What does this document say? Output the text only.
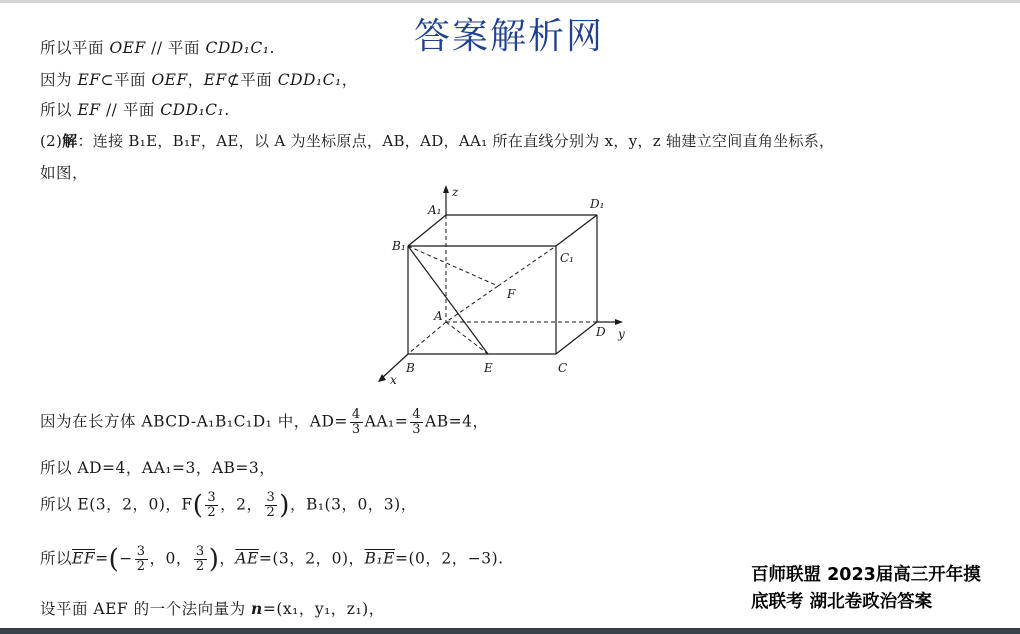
答案解析网
所以平面 OEF // 平面 CDD₁C₁.
因为 EF⊂平面 OEF，EF⊄平面 CDD₁C₁，
所以 EF // 平面 CDD₁C₁.
(2)解：连接 B₁E，B₁F，AE，以 A 为坐标原点，AB，AD，AA₁ 所在直线分别为 x，y，z 轴建立空间直角坐标系，
如图，
z
A₁	D₁
B₁
C₁
F
A
D y
x
B	E	C
因为在长方体 ABCD-A₁B₁C₁D₁ 中，$AD= \frac{4}{3} AA_1= \frac{4}{3} AB=4$，
所以 AD=4，AA₁=3，AB=3，
所以 E(3，2，0)，$F( \frac{3}{2}$ ，2， $\frac{3}{2}$ )，B₁(3，0，3)，
所以$\overline{EF}=(- \frac{3}{2}$ ，0， $\frac{3}{2}$ )，$\overline{AE}=(3$，2，0)，B₁E=(0，2，−3).
设平面 AEF 的一个法向量为 n=(x₁，y₁，z₁)，
百师联盟 2023届高三开年摸
底联考 湖北卷政治答案
